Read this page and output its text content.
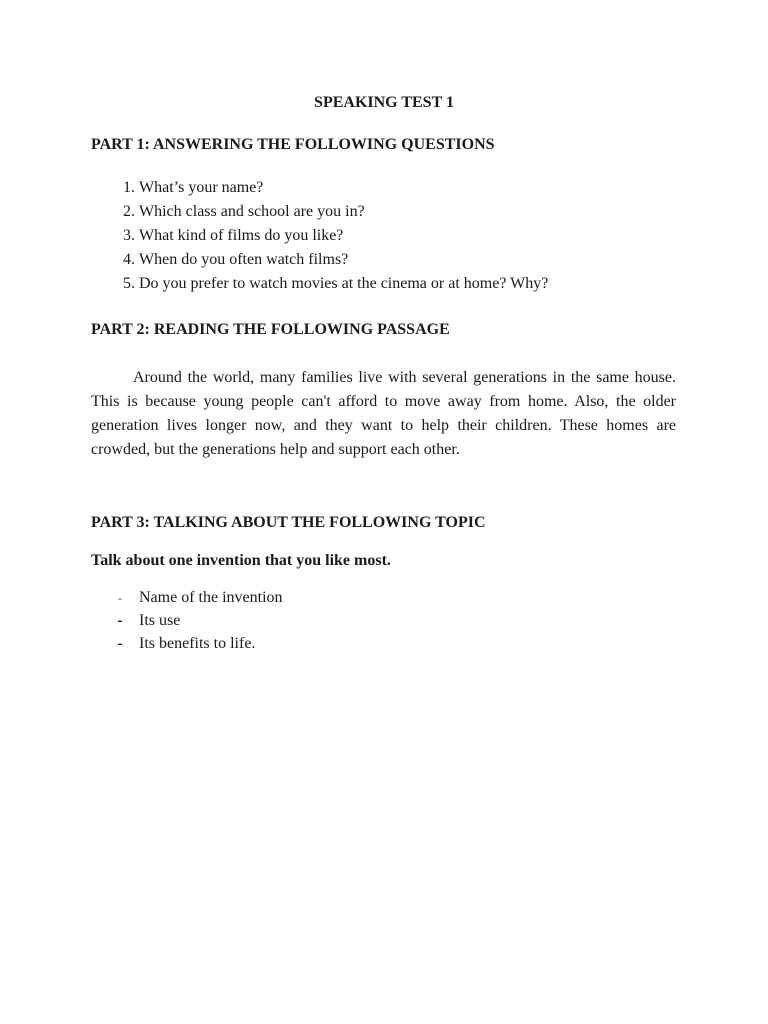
SPEAKING TEST 1
PART 1: ANSWERING THE FOLLOWING QUESTIONS
1. What’s your name?
2. Which class and school are you in?
3. What kind of films do you like?
4. When do you often watch films?
5. Do you prefer to watch movies at the cinema or at home? Why?
PART 2: READING THE FOLLOWING PASSAGE

Around the world, many families live with several generations in the same house. This is because young people can't afford to move away from home. Also, the older generation lives longer now, and they want to help their children. These homes are crowded, but the generations help and support each other.

PART 3: TALKING ABOUT THE FOLLOWING TOPIC

Talk about one invention that you like most.

- Name of the invention
- Its use
- Its benefits to life.
